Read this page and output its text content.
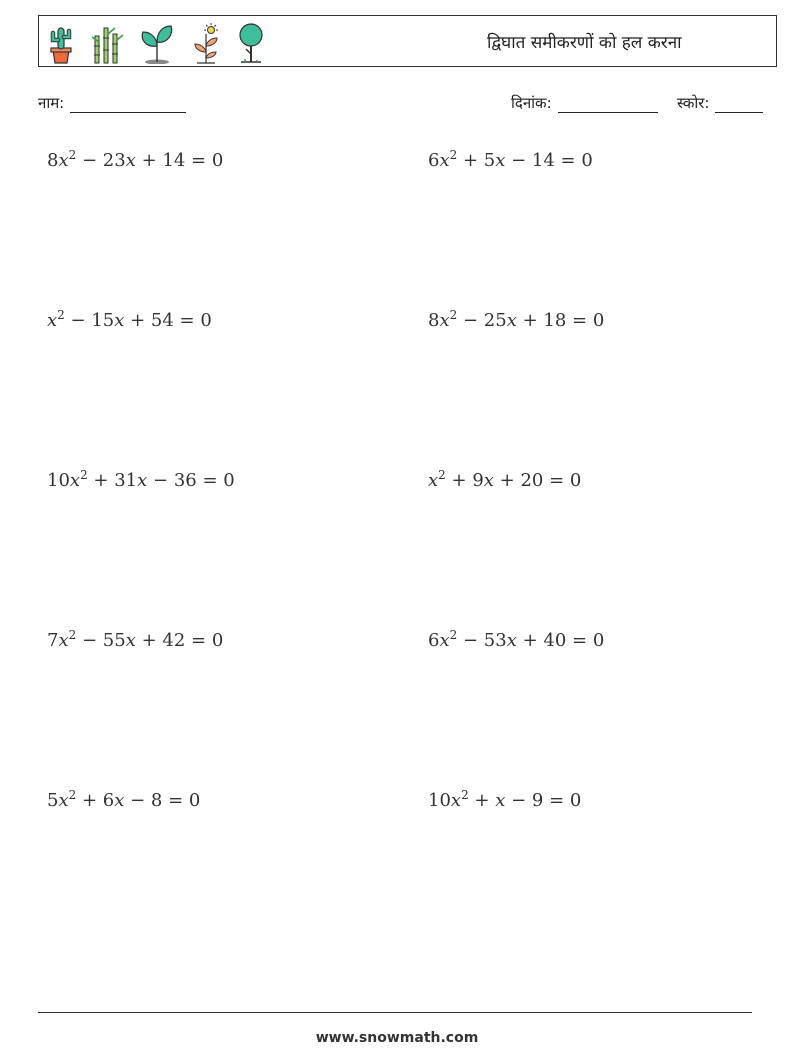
द्विघात समीकरणों को हल करना
नाम:	दिनांक:	स्कोर:
$8x^2 - 23x + 14 = 0$	$6x^2 + 5x - 14 = 0$
$x^2 - 15x + 54 = 0$	$8x^2 - 25x + 18 = 0$
$10x^2 + 31x - 36 = 0$	$x^2 + 9x + 20 = 0$
$7x^2 - 55x + 42 = 0$	$6x^2 - 53x + 40 = 0$
$5x^2 + 6x - 8 = 0$	$10x^2 + x - 9 = 0$
www.snowmath.com
